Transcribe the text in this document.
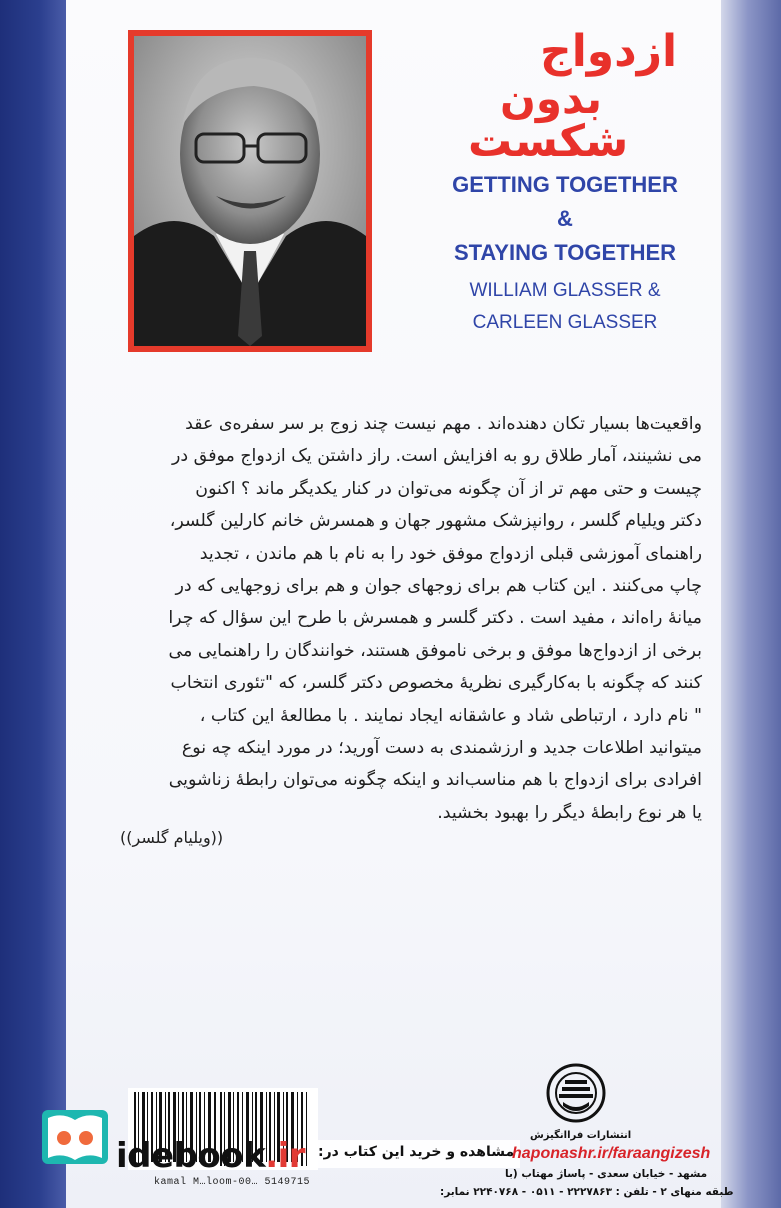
ازدواج
بدون
شکست
GETTING TOGETHER
&
STAYING TOGETHER
WILLIAM GLASSER &
CARLEEN GLASSER

واقعیت‌ها بسیار تکان دهنده‌اند . مهم نیست چند زوج بر سر سفره‌ی عقد

می نشینند، آمار طلاق رو به افزایش است. راز داشتن یک ازدواج موفق در

چیست و حتی مهم تر از آن چگونه می‌توان در کنار یکدیگر ماند ؟ اکنون

دکتر ویلیام گلسر ، روانپزشک مشهور جهان و همسرش خانم کارلین گلسر،

راهنمای آموزشی قبلی ازدواج موفق خود را به نام با هم ماندن ، تجدید

چاپ می‌کنند . این کتاب هم برای زوجهای جوان و هم برای زوجهایی که در

میانهٔ راه‌اند ، مفید است . دکتر گلسر و همسرش با طرح این سؤال که چرا

برخی از ازدواج‌ها موفق و برخی ناموفق هستند، خوانندگان را راهنمایی می

کنند که چگونه با به‌کارگیری نظریهٔ مخصوص دکتر گلسر، که "تئوری انتخاب

" نام دارد ، ارتباطی شاد و عاشقانه ایجاد نمایند . با مطالعهٔ این کتاب ،

میتوانید اطلاعات جدید و ارزشمندی به دست آورید؛ در مورد اینکه چه نوع

افرادی برای ازدواج با هم مناسب‌اند و اینکه چگونه می‌توان رابطهٔ زناشویی

یا هر نوع رابطهٔ دیگر را بهبود بخشید.

((ویلیام گلسر))
kamal M…loom-00… 5149715
انتشارات فراانگیزش
idebook.ir مشاهده و خرید این کتاب در:
haponashr.ir/faraangizesh
مشهد - خیابان سعدی - پاساژ مهتاب (با
طبقه منهای ۲ - تلفن : ۲۲۲۷۸۶۳ - ۰۵۱۱ - ۲۲۴۰۷۶۸ نمابر:
